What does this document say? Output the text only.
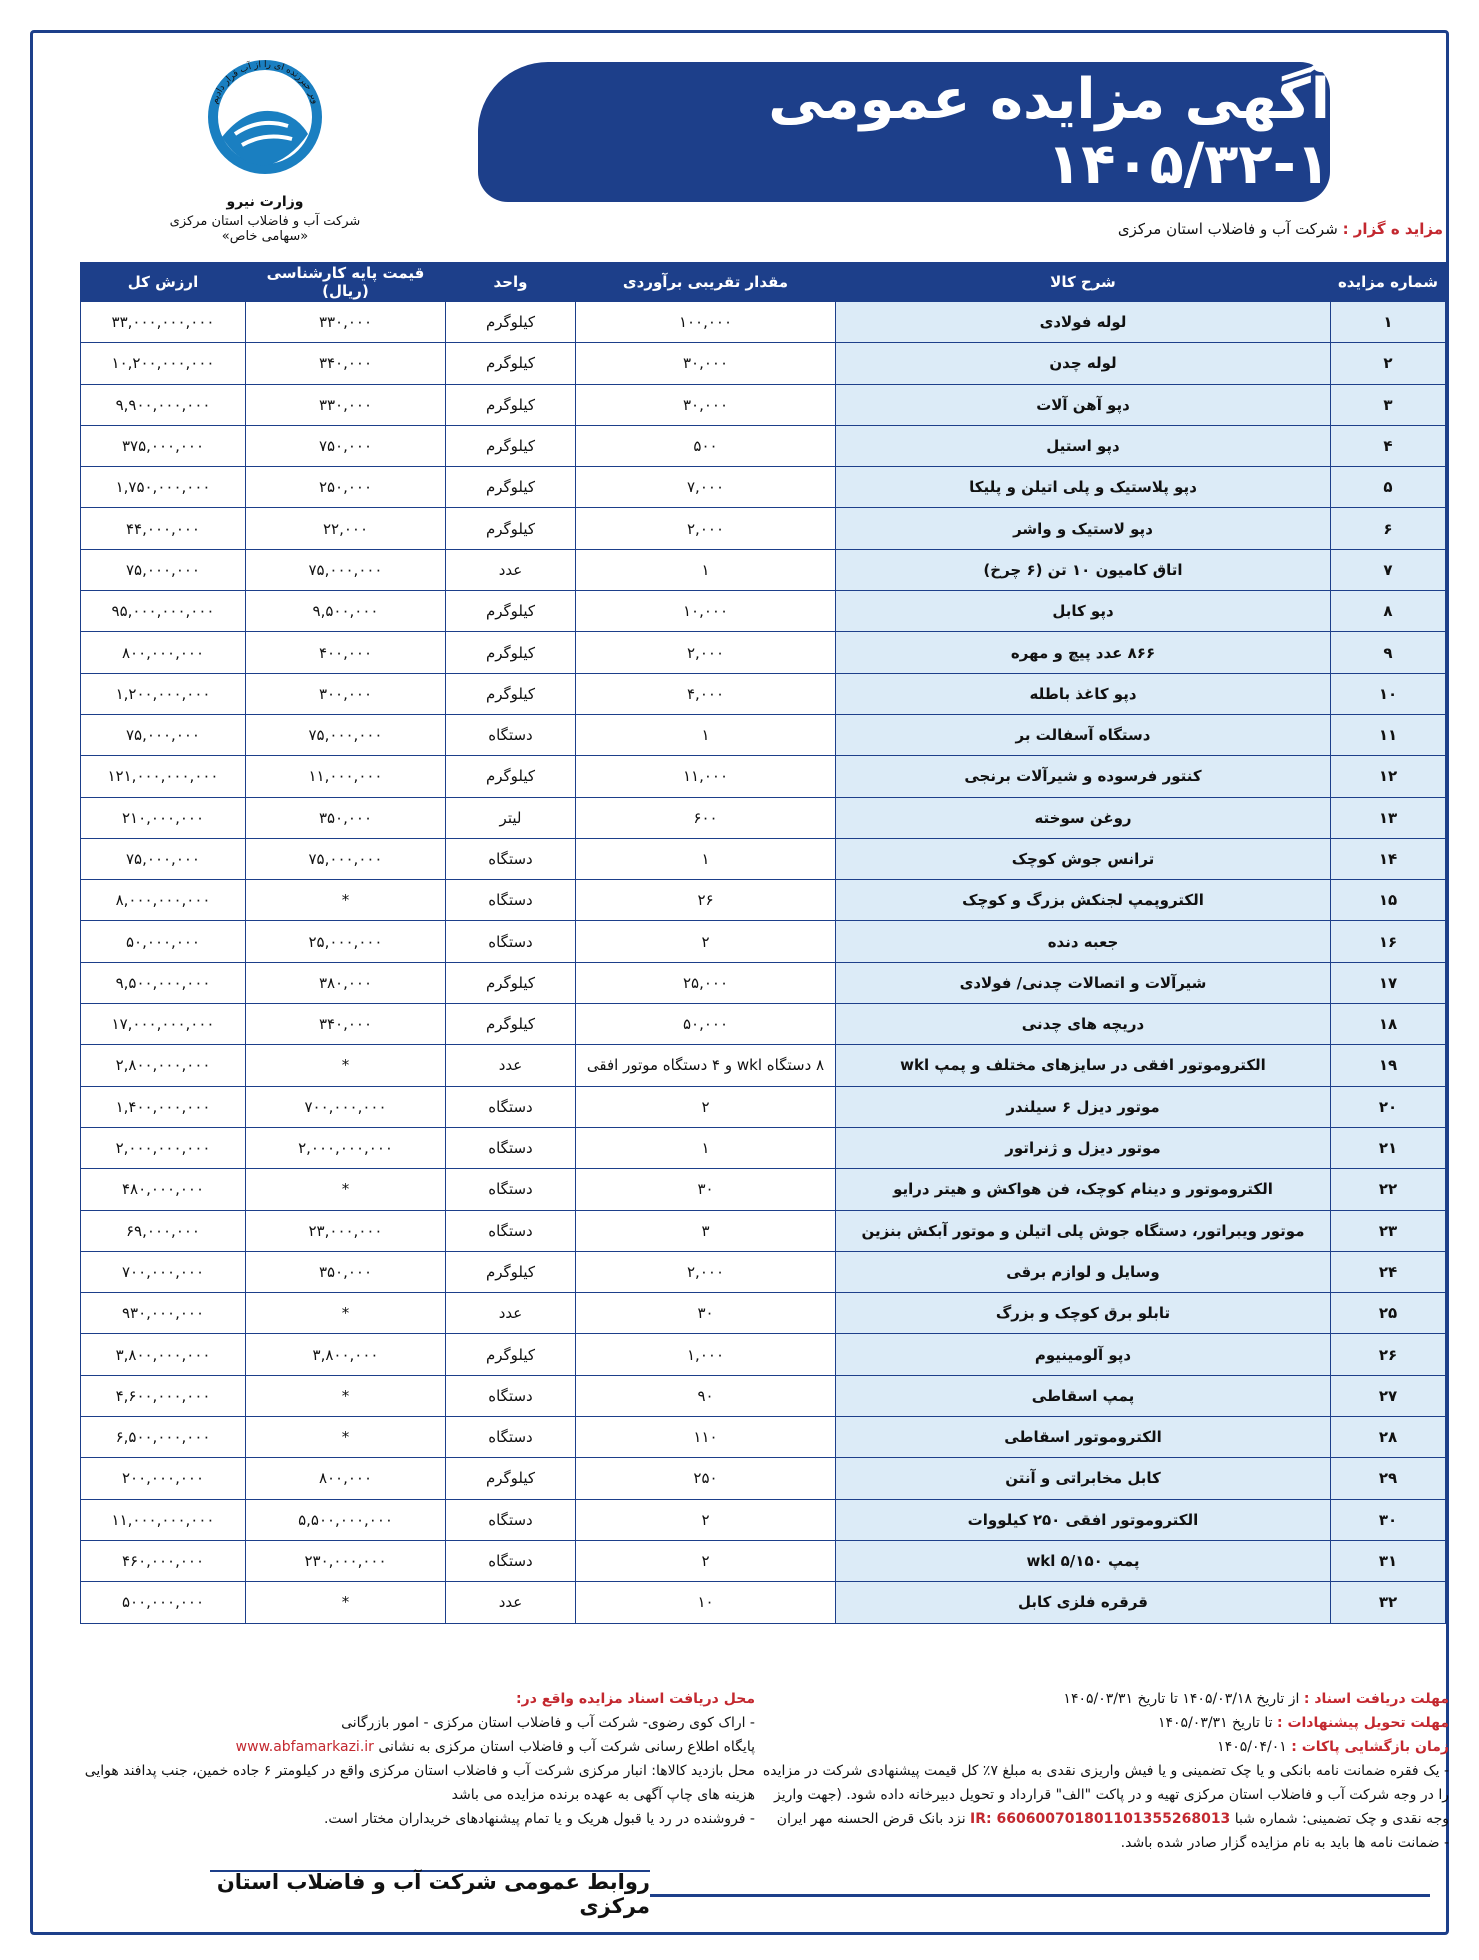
وبر حیرزنده ای را از آب قرار دادیم
وزارت نیرو
شرکت آب و فاضلاب استان مرکزی «سهامی خاص»
آگهی مزایده عمومی ۱-۱۴۰۵/۳۲
مزاید ه گزار : شرکت آب و فاضلاب استان مرکزی
شماره مزایده	شرح کالا	مقدار تقریبی برآوردی	واحد	قیمت پایه کارشناسی (ریال)	ارزش کل
۱	لوله فولادی	۱۰۰,۰۰۰	کیلوگرم	۳۳۰,۰۰۰	۳۳,۰۰۰,۰۰۰,۰۰۰
۲	لوله چدن	۳۰,۰۰۰	کیلوگرم	۳۴۰,۰۰۰	۱۰,۲۰۰,۰۰۰,۰۰۰
۳	دپو آهن آلات	۳۰,۰۰۰	کیلوگرم	۳۳۰,۰۰۰	۹,۹۰۰,۰۰۰,۰۰۰
۴	دپو استیل	۵۰۰	کیلوگرم	۷۵۰,۰۰۰	۳۷۵,۰۰۰,۰۰۰
۵	دپو پلاستیک و پلی اتیلن و پلیکا	۷,۰۰۰	کیلوگرم	۲۵۰,۰۰۰	۱,۷۵۰,۰۰۰,۰۰۰
۶	دپو لاستیک و واشر	۲,۰۰۰	کیلوگرم	۲۲,۰۰۰	۴۴,۰۰۰,۰۰۰
۷	اتاق کامیون ۱۰ تن (۶ چرخ)	۱	عدد	۷۵,۰۰۰,۰۰۰	۷۵,۰۰۰,۰۰۰
۸	دپو کابل	۱۰,۰۰۰	کیلوگرم	۹,۵۰۰,۰۰۰	۹۵,۰۰۰,۰۰۰,۰۰۰
۹	۸۶۶ عدد پیچ و مهره	۲,۰۰۰	کیلوگرم	۴۰۰,۰۰۰	۸۰۰,۰۰۰,۰۰۰
۱۰	دپو کاغذ باطله	۴,۰۰۰	کیلوگرم	۳۰۰,۰۰۰	۱,۲۰۰,۰۰۰,۰۰۰
۱۱	دستگاه آسفالت بر	۱	دستگاه	۷۵,۰۰۰,۰۰۰	۷۵,۰۰۰,۰۰۰
۱۲	کنتور فرسوده و شیرآلات برنجی	۱۱,۰۰۰	کیلوگرم	۱۱,۰۰۰,۰۰۰	۱۲۱,۰۰۰,۰۰۰,۰۰۰
۱۳	روغن سوخته	۶۰۰	لیتر	۳۵۰,۰۰۰	۲۱۰,۰۰۰,۰۰۰
۱۴	ترانس جوش کوچک	۱	دستگاه	۷۵,۰۰۰,۰۰۰	۷۵,۰۰۰,۰۰۰
۱۵	الکتروپمپ لجنکش بزرگ و کوچک	۲۶	دستگاه	*	۸,۰۰۰,۰۰۰,۰۰۰
۱۶	جعبه دنده	۲	دستگاه	۲۵,۰۰۰,۰۰۰	۵۰,۰۰۰,۰۰۰
۱۷	شیرآلات و اتصالات چدنی/ فولادی	۲۵,۰۰۰	کیلوگرم	۳۸۰,۰۰۰	۹,۵۰۰,۰۰۰,۰۰۰
۱۸	دریچه های چدنی	۵۰,۰۰۰	کیلوگرم	۳۴۰,۰۰۰	۱۷,۰۰۰,۰۰۰,۰۰۰
۱۹	الکتروموتور افقی در سایزهای مختلف و پمپ wkl	۸ دستگاه wkl و ۴ دستگاه موتور افقی	عدد	*	۲,۸۰۰,۰۰۰,۰۰۰
۲۰	موتور دیزل ۶ سیلندر	۲	دستگاه	۷۰۰,۰۰۰,۰۰۰	۱,۴۰۰,۰۰۰,۰۰۰
۲۱	موتور دیزل و ژنراتور	۱	دستگاه	۲,۰۰۰,۰۰۰,۰۰۰	۲,۰۰۰,۰۰۰,۰۰۰
۲۲	الکتروموتور و دینام کوچک، فن هواکش و هیتر درایو	۳۰	دستگاه	*	۴۸۰,۰۰۰,۰۰۰
۲۳	موتور ویبراتور، دستگاه جوش پلی اتیلن و موتور آبکش بنزین	۳	دستگاه	۲۳,۰۰۰,۰۰۰	۶۹,۰۰۰,۰۰۰
۲۴	وسایل و لوازم برقی	۲,۰۰۰	کیلوگرم	۳۵۰,۰۰۰	۷۰۰,۰۰۰,۰۰۰
۲۵	تابلو برق کوچک و بزرگ	۳۰	عدد	*	۹۳۰,۰۰۰,۰۰۰
۲۶	دپو آلومینیوم	۱,۰۰۰	کیلوگرم	۳,۸۰۰,۰۰۰	۳,۸۰۰,۰۰۰,۰۰۰
۲۷	پمپ اسقاطی	۹۰	دستگاه	*	۴,۶۰۰,۰۰۰,۰۰۰
۲۸	الکتروموتور اسقاطی	۱۱۰	دستگاه	*	۶,۵۰۰,۰۰۰,۰۰۰
۲۹	کابل مخابراتی و آنتن	۲۵۰	کیلوگرم	۸۰۰,۰۰۰	۲۰۰,۰۰۰,۰۰۰
۳۰	الکتروموتور افقی ۲۵۰ کیلووات	۲	دستگاه	۵,۵۰۰,۰۰۰,۰۰۰	۱۱,۰۰۰,۰۰۰,۰۰۰
۳۱	پمپ wkl ۵/۱۵۰	۲	دستگاه	۲۳۰,۰۰۰,۰۰۰	۴۶۰,۰۰۰,۰۰۰
۳۲	قرقره فلزی کابل	۱۰	عدد	*	۵۰۰,۰۰۰,۰۰۰
مهلت دریافت اسناد : از تاریخ ۱۴۰۵/۰۳/۱۸ تا تاریخ ۱۴۰۵/۰۳/۳۱
مهلت تحویل پیشنهادات : تا تاریخ ۱۴۰۵/۰۳/۳۱
زمان بازگشایی پاکات : ۱۴۰۵/۰۴/۰۱
- یک فقره ضمانت نامه بانکی و یا چک تضمینی و یا فیش واریزی نقدی به مبلغ ۷٪ کل قیمت پیشنهادی شرکت در مزایده را در وجه شرکت آب و فاضلاب استان مرکزی تهیه و در پاکت "الف" قرارداد و تحویل دبیرخانه داده شود. (جهت واریز وجه نقدی و چک تضمینی: شماره شبا IR: 660600701801101355268013 نزد بانک قرض الحسنه مهر ایران
- ضمانت نامه ها باید به نام مزایده گزار صادر شده باشد.
محل دریافت اسناد مزایده واقع در:
- اراک کوی رضوی- شرکت آب و فاضلاب استان مرکزی - امور بازرگانی
پایگاه اطلاع رسانی شرکت آب و فاضلاب استان مرکزی به نشانی www.abfamarkazi.ir
محل بازدید کالاها: انبار مرکزی شرکت آب و فاضلاب استان مرکزی واقع در کیلومتر ۶ جاده خمین، جنب پدافند هوایی
هزینه های چاپ آگهی به عهده برنده مزایده می باشد
- فروشنده در رد یا قبول هریک و یا تمام پیشنهادهای خریداران مختار است.
روابط عمومی شرکت آب و فاضلاب استان مرکزی
